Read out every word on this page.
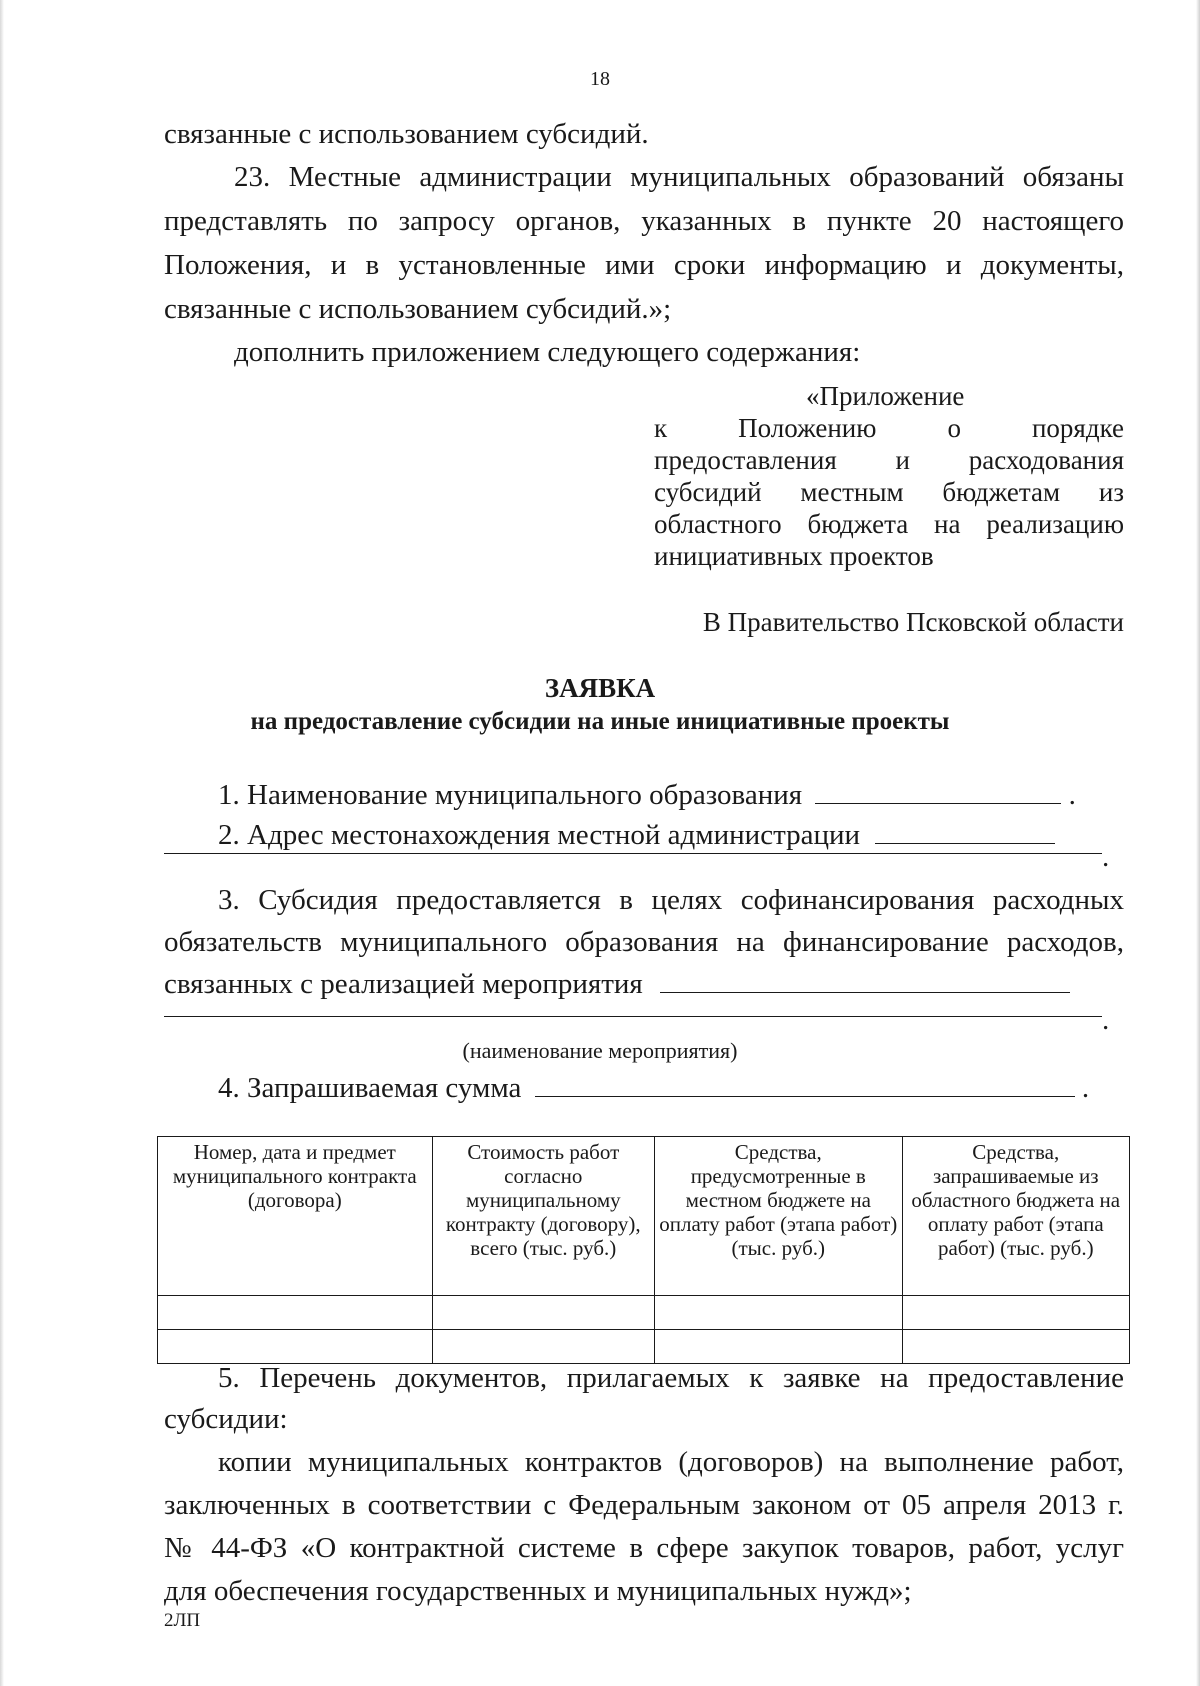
18
связанные с использованием субсидий.
23. Местные администрации муниципальных образований обязаны
представлять по запросу органов, указанных в пункте 20 настоящего
Положения, и в установленные ими сроки информацию и документы,
связанные с использованием субсидий.»;
дополнить приложением следующего содержания:
«Приложение
к Положению о порядке
предоставления и расходования
субсидий местным бюджетам из
областного бюджета на реализацию
инициативных проектов
В Правительство Псковской области
ЗАЯВКА
на предоставление субсидии на иные инициативные проекты
1. Наименование муниципального образования	.
2. Адрес местонахождения местной администрации
.
3. Субсидия предоставляется в целях софинансирования расходных
обязательств муниципального образования на финансирование расходов,
связанных с реализацией мероприятия
.
(наименование мероприятия)
4. Запрашиваемая сумма	.
Номер, дата и предмет муниципального контракта (договора)	Стоимость работ согласно муниципальному контракту (договору), всего (тыс. руб.)	Средства, предусмотренные в местном бюджете на оплату работ (этапа работ) (тыс. руб.)	Средства, запрашиваемые из областного бюджета на оплату работ (этапа работ) (тыс. руб.)

5. Перечень документов, прилагаемых к заявке на предоставление
субсидии:
копии муниципальных контрактов (договоров) на выполнение работ,
заключенных в соответствии с Федеральным законом от 05 апреля 2013 г.
№ 44-ФЗ «О контрактной системе в сфере закупок товаров, работ, услуг
для обеспечения государственных и муниципальных нужд»;
2ЛП
